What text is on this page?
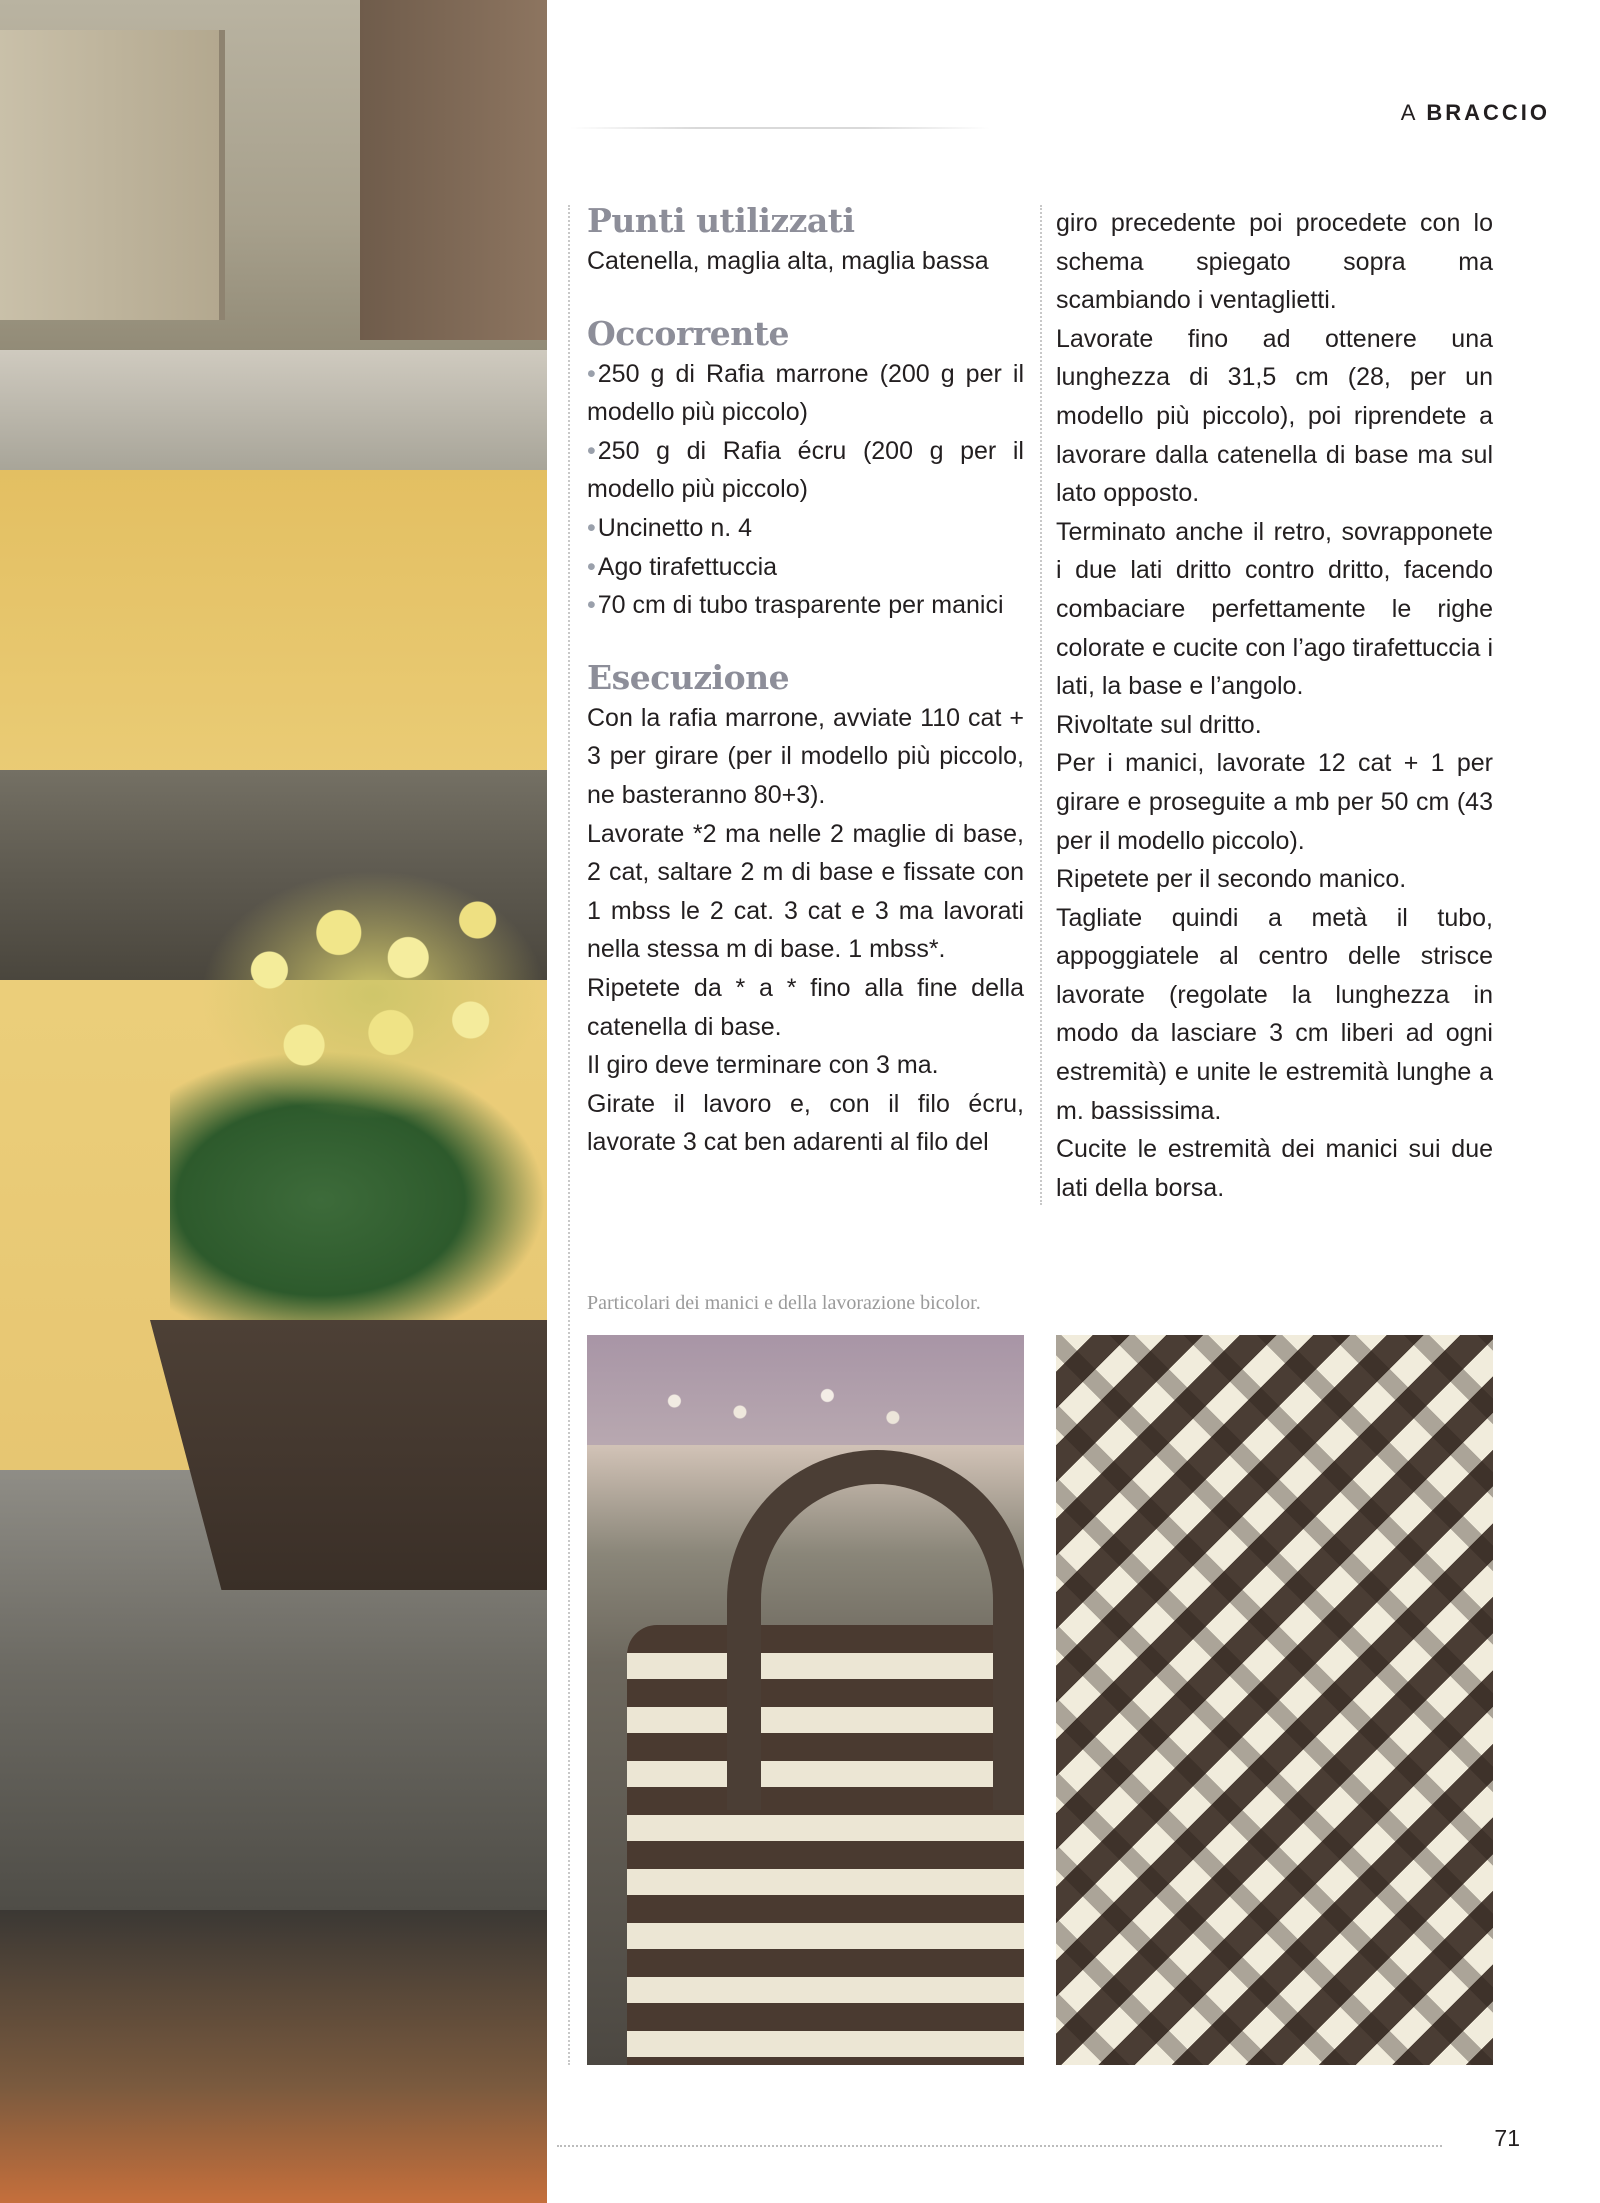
A BRACCIO
Punti utilizzati
Catenella, maglia alta, maglia bassa
Occorrente
• 250 g di Rafia marrone (200 g per il modello più piccolo)
• 250 g di Rafia écru (200 g per il modello più piccolo)
• Uncinetto n. 4
• Ago tirafettuccia
• 70 cm di tubo trasparente per manici
Esecuzione
Con la rafia marrone, avviate 110 cat + 3 per girare (per il modello più piccolo, ne basteranno 80+3).
Lavorate *2 ma nelle 2 maglie di base, 2 cat, saltare 2 m di base e fissate con 1 mbss le 2 cat. 3 cat e 3 ma lavorati nella stessa m di base. 1 mbss*.
Ripetete da * a * fino alla fine della catenella di base.
Il giro deve terminare con 3 ma.
Girate il lavoro e, con il filo écru, lavorate 3 cat ben adarenti al filo del
giro precedente poi procedete con lo schema spiegato sopra ma scambiando i ventaglietti.
Lavorate fino ad ottenere una lunghezza di 31,5 cm (28, per un modello più piccolo), poi riprendete a lavorare dalla catenella di base ma sul lato opposto.
Terminato anche il retro, sovrapponete i due lati dritto contro dritto, facendo combaciare perfettamente le righe colorate e cucite con l’ago tirafettuccia i lati, la base e l’angolo.
Rivoltate sul dritto.
Per i manici, lavorate 12 cat + 1 per girare e proseguite a mb per 50 cm (43 per il modello piccolo).
Ripetete per il secondo manico.
Tagliate quindi a metà il tubo, appoggiatele al centro delle strisce lavorate (regolate la lunghezza in modo da lasciare 3 cm liberi ad ogni estremità) e unite le estremità lunghe a m. bassissima.
Cucite le estremità dei manici sui due lati della borsa.
Particolari dei manici e della lavorazione bicolor.
71
